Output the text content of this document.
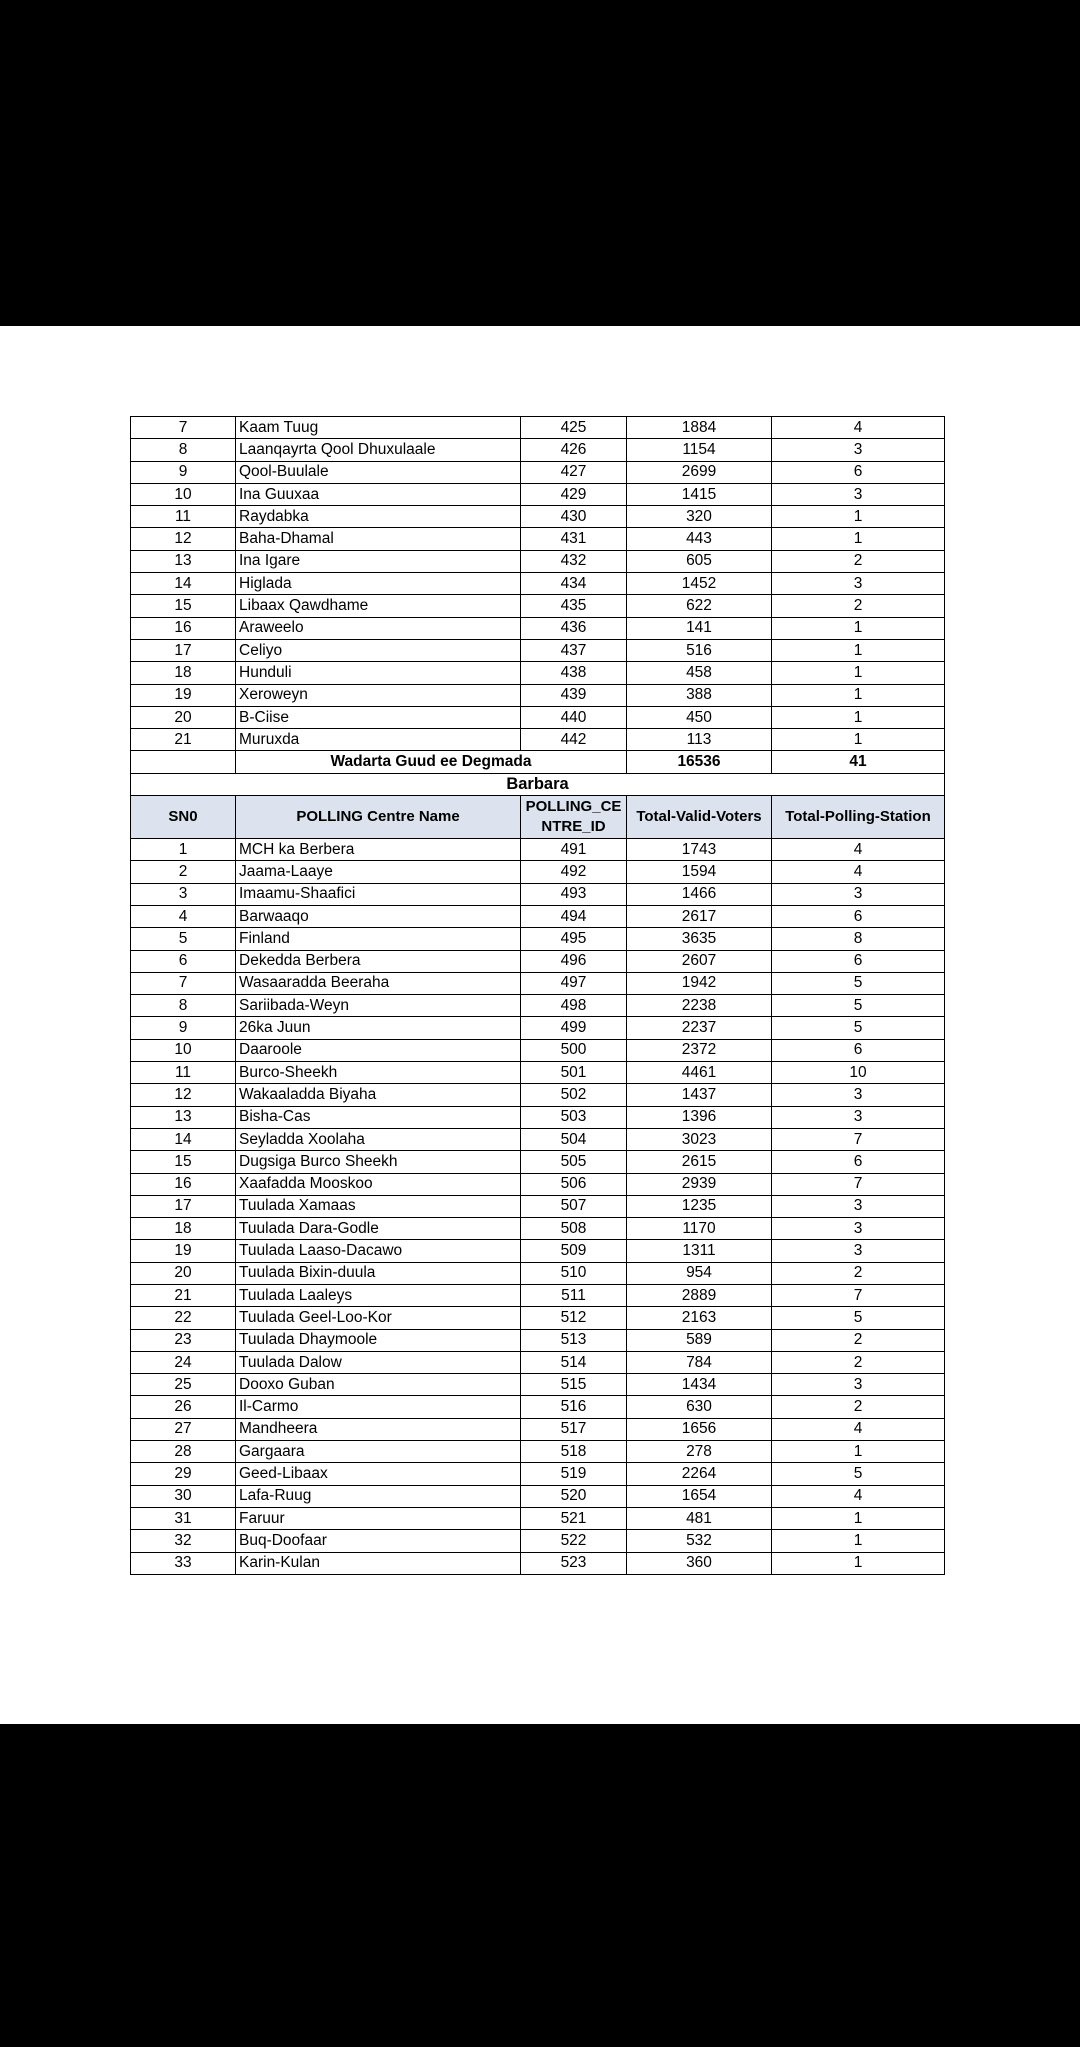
7	Kaam Tuug	425	1884	4
8	Laanqayrta Qool Dhuxulaale	426	1154	3
9	Qool-Buulale	427	2699	6
10	Ina Guuxaa	429	1415	3
11	Raydabka	430	320	1
12	Baha-Dhamal	431	443	1
13	Ina Igare	432	605	2
14	Higlada	434	1452	3
15	Libaax Qawdhame	435	622	2
16	Araweelo	436	141	1
17	Celiyo	437	516	1
18	Hunduli	438	458	1
19	Xeroweyn	439	388	1
20	B-Ciise	440	450	1
21	Muruxda	442	113	1
	Wadarta Guud ee Degmada		16536	41
Barbara				
SN0	POLLING Centre Name	POLLING_CENTRE_ID	Total-Valid-Voters	Total-Polling-Station
1	MCH ka Berbera	491	1743	4
2	Jaama-Laaye	492	1594	4
3	Imaamu-Shaafici	493	1466	3
4	Barwaaqo	494	2617	6
5	Finland	495	3635	8
6	Dekedda Berbera	496	2607	6
7	Wasaaradda Beeraha	497	1942	5
8	Sariibada-Weyn	498	2238	5
9	26ka Juun	499	2237	5
10	Daaroole	500	2372	6
11	Burco-Sheekh	501	4461	10
12	Wakaaladda Biyaha	502	1437	3
13	Bisha-Cas	503	1396	3
14	Seyladda Xoolaha	504	3023	7
15	Dugsiga Burco Sheekh	505	2615	6
16	Xaafadda Mooskoo	506	2939	7
17	Tuulada Xamaas	507	1235	3
18	Tuulada Dara-Godle	508	1170	3
19	Tuulada Laaso-Dacawo	509	1311	3
20	Tuulada Bixin-duula	510	954	2
21	Tuulada Laaleys	511	2889	7
22	Tuulada Geel-Loo-Kor	512	2163	5
23	Tuulada Dhaymoole	513	589	2
24	Tuulada Dalow	514	784	2
25	Dooxo Guban	515	1434	3
26	Il-Carmo	516	630	2
27	Mandheera	517	1656	4
28	Gargaara	518	278	1
29	Geed-Libaax	519	2264	5
30	Lafa-Ruug	520	1654	4
31	Faruur	521	481	1
32	Buq-Doofaar	522	532	1
33	Karin-Kulan	523	360	1
